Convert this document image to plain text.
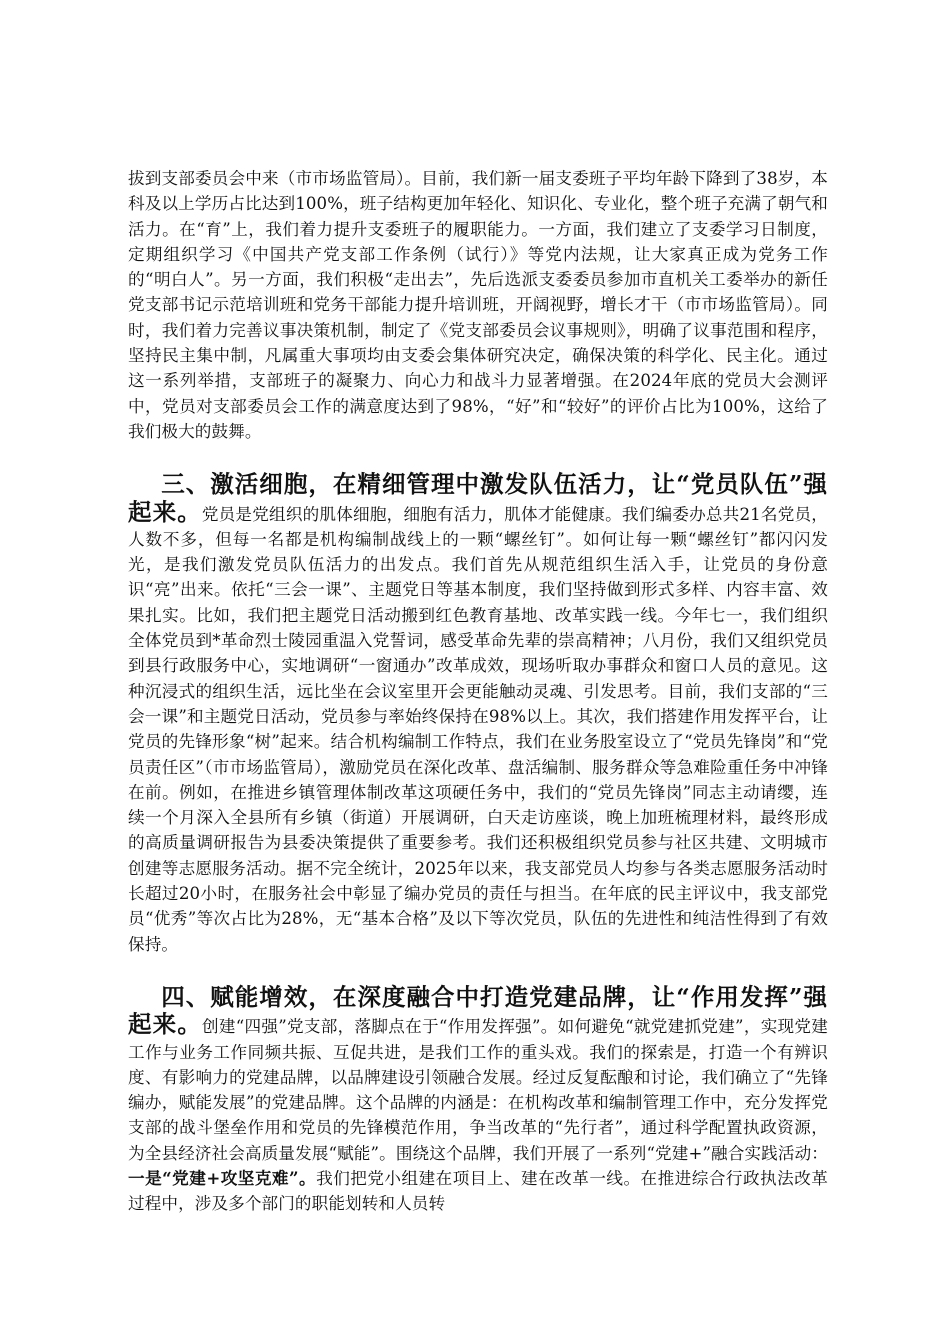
拔到支部委员会中来（市市场监管局）。目前，我们新一届支委班子平均年龄下降到了38岁，本科及以上学历占比达到100%，班子结构更加年轻化、知识化、专业化，整个班子充满了朝气和活力。在“育”上，我们着力提升支委班子的履职能力。一方面，我们建立了支委学习日制度，定期组织学习《中国共产党支部工作条例（试行）》等党内法规，让大家真正成为党务工作的“明白人”。另一方面，我们积极“走出去”，先后选派支委委员参加市直机关工委举办的新任党支部书记示范培训班和党务干部能力提升培训班，开阔视野，增长才干（市市场监管局）。同时，我们着力完善议事决策机制，制定了《党支部委员会议事规则》，明确了议事范围和程序，坚持民主集中制，凡属重大事项均由支委会集体研究决定，确保决策的科学化、民主化。通过这一系列举措，支部班子的凝聚力、向心力和战斗力显著增强。在2024年底的党员大会测评中，党员对支部委员会工作的满意度达到了98%，“好”和“较好”的评价占比为100%，这给了我们极大的鼓舞。

三、激活细胞，在精细管理中激发队伍活力，让“党员队伍”强起来。党员是党组织的肌体细胞，细胞有活力，肌体才能健康。我们编委办总共21名党员，人数不多，但每一名都是机构编制战线上的一颗“螺丝钉”。如何让每一颗“螺丝钉”都闪闪发光，是我们激发党员队伍活力的出发点。我们首先从规范组织生活入手，让党员的身份意识“亮”出来。依托“三会一课”、主题党日等基本制度，我们坚持做到形式多样、内容丰富、效果扎实。比如，我们把主题党日活动搬到红色教育基地、改革实践一线。今年七一，我们组织全体党员到*革命烈士陵园重温入党誓词，感受革命先辈的崇高精神；八月份，我们又组织党员到县行政服务中心，实地调研“一窗通办”改革成效，现场听取办事群众和窗口人员的意见。这种沉浸式的组织生活，远比坐在会议室里开会更能触动灵魂、引发思考。目前，我们支部的“三会一课”和主题党日活动，党员参与率始终保持在98%以上。其次，我们搭建作用发挥平台，让党员的先锋形象“树”起来。结合机构编制工作特点，我们在业务股室设立了“党员先锋岗”和“党员责任区”（市市场监管局），激励党员在深化改革、盘活编制、服务群众等急难险重任务中冲锋在前。例如，在推进乡镇管理体制改革这项硬任务中，我们的“党员先锋岗”同志主动请缨，连续一个月深入全县所有乡镇（街道）开展调研，白天走访座谈，晚上加班梳理材料，最终形成的高质量调研报告为县委决策提供了重要参考。我们还积极组织党员参与社区共建、文明城市创建等志愿服务活动。据不完全统计，2025年以来，我支部党员人均参与各类志愿服务活动时长超过20小时，在服务社会中彰显了编办党员的责任与担当。在年底的民主评议中，我支部党员“优秀”等次占比为28%，无“基本合格”及以下等次党员，队伍的先进性和纯洁性得到了有效保持。

四、赋能增效，在深度融合中打造党建品牌，让“作用发挥”强起来。创建“四强”党支部，落脚点在于“作用发挥强”。如何避免“就党建抓党建”，实现党建工作与业务工作同频共振、互促共进，是我们工作的重头戏。我们的探索是，打造一个有辨识度、有影响力的党建品牌，以品牌建设引领融合发展。经过反复酝酿和讨论，我们确立了“先锋编办，赋能发展”的党建品牌。这个品牌的内涵是：在机构改革和编制管理工作中，充分发挥党支部的战斗堡垒作用和党员的先锋模范作用，争当改革的“先行者”，通过科学配置执政资源，为全县经济社会高质量发展“赋能”。围绕这个品牌，我们开展了一系列“党建+”融合实践活动：一是“党建+攻坚克难”。我们把党小组建在项目上、建在改革一线。在推进综合行政执法改革过程中，涉及多个部门的职能划转和人员转
